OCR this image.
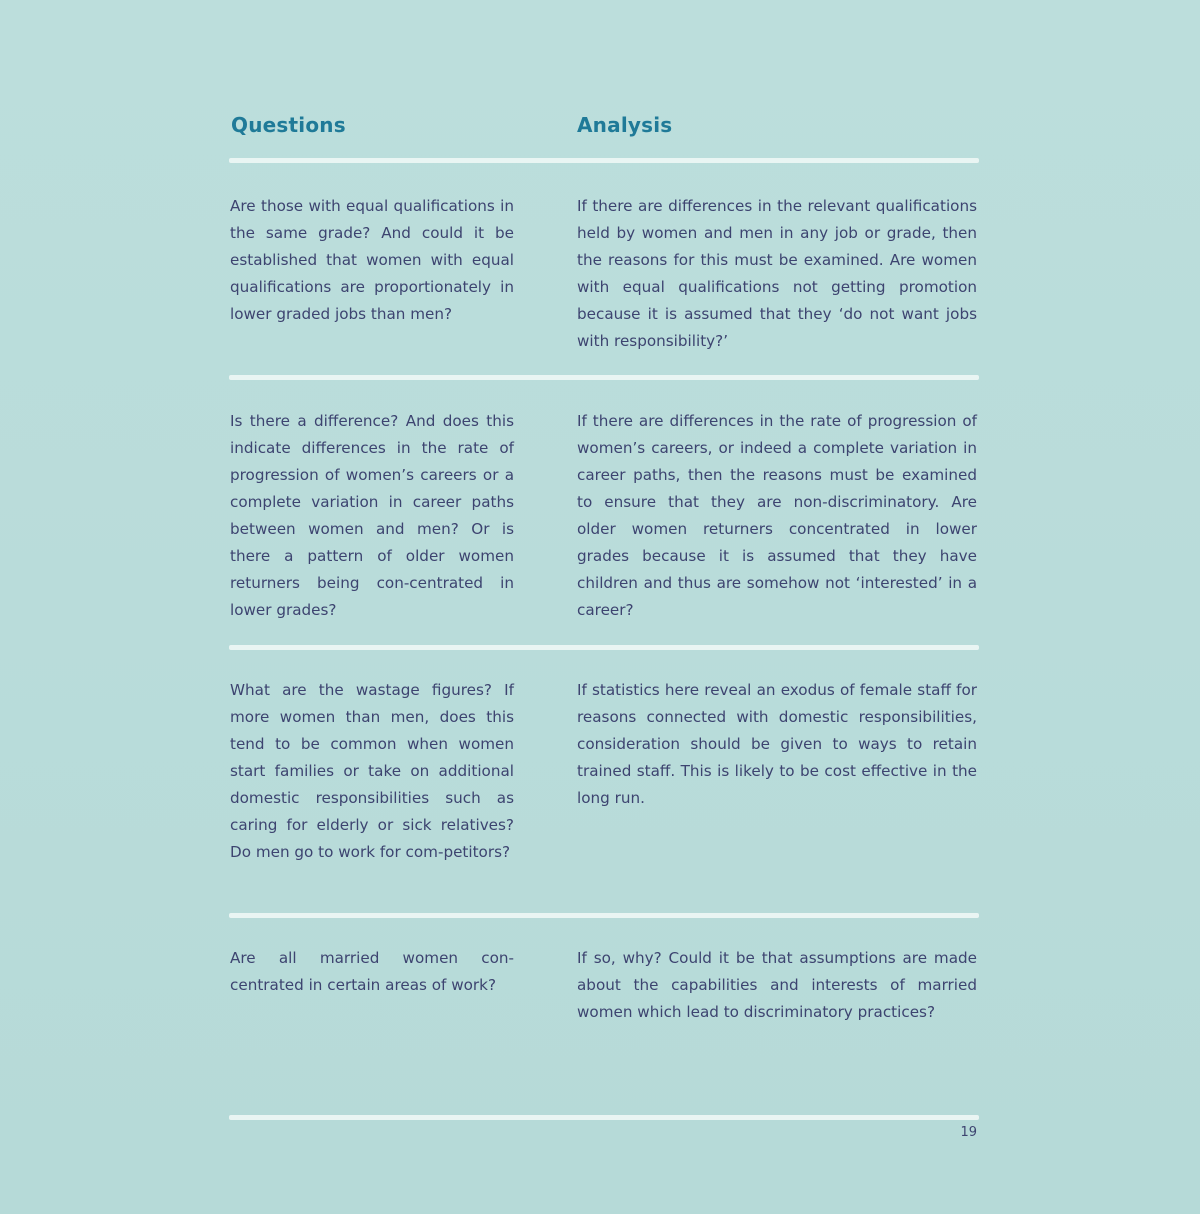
Questions	Analysis
Are those with equal qualifications in the same grade? And could it be established that women with equal qualifications are proportionately in lower graded jobs than men?
If there are differences in the relevant qualifications held by women and men in any job or grade, then the reasons for this must be examined. Are women with equal qualifications not getting promotion because it is assumed that they ‘do not want jobs with responsibility?’
Is there a difference? And does this indicate differences in the rate of progression of women’s careers or a complete variation in career paths between women and men? Or is there a pattern of older women returners being con-centrated in lower grades?
If there are differences in the rate of progression of women’s careers, or indeed a complete variation in career paths, then the reasons must be examined to ensure that they are non-discriminatory. Are older women returners concentrated in lower grades because it is assumed that they have children and thus are somehow not ‘interested’ in a career?
What are the wastage figures? If more women than men, does this tend to be common when women start families or take on additional domestic responsibilities such as caring for elderly or sick relatives? Do men go to work for com-petitors?
If statistics here reveal an exodus of female staff for reasons connected with domestic responsibilities, consideration should be given to ways to retain trained staff. This is likely to be cost effective in the long run.
Are all married women con-centrated in certain areas of work?
If so, why? Could it be that assumptions are made about the capabilities and interests of married women which lead to discriminatory practices?
19
